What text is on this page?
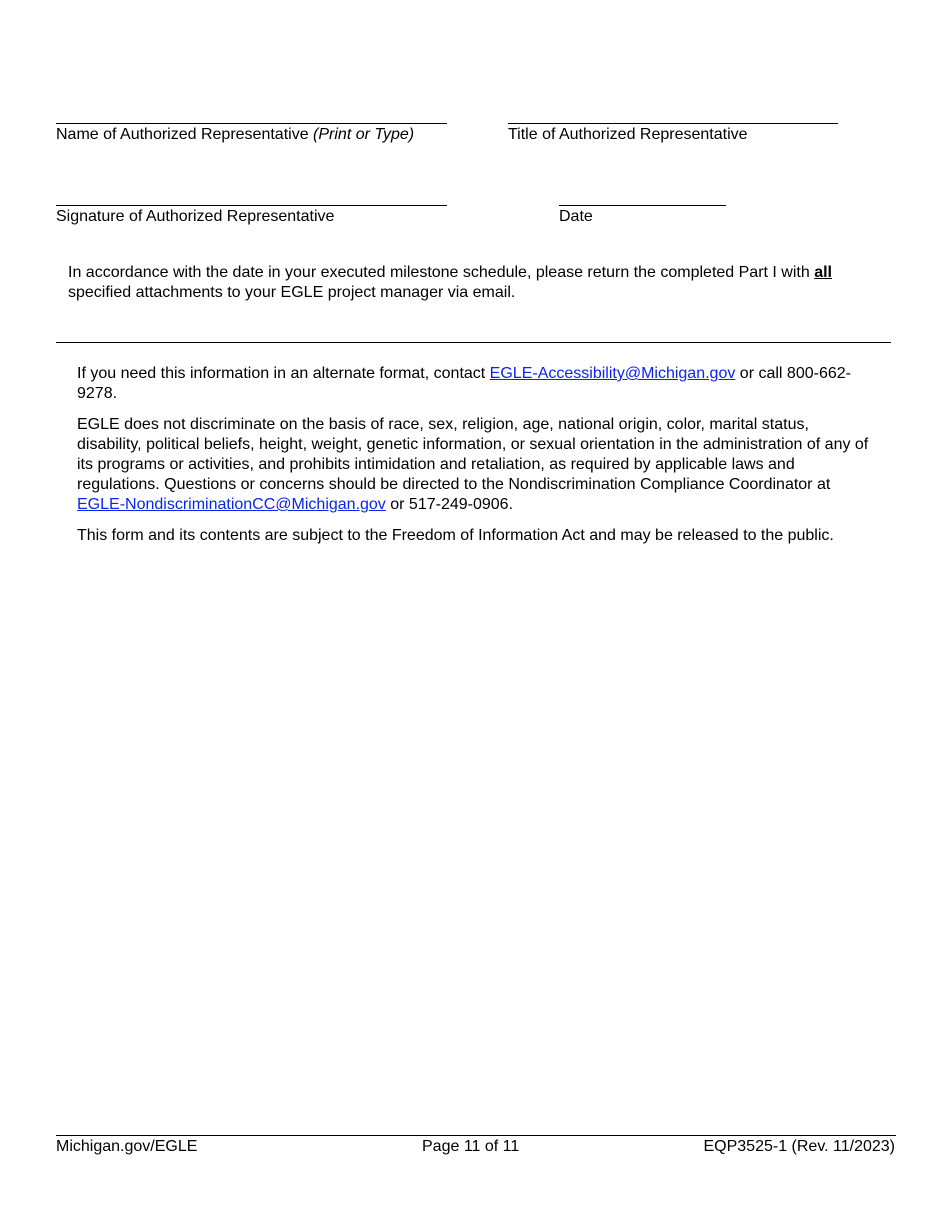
Name of Authorized Representative (Print or Type)	Title of Authorized Representative
Signature of Authorized Representative	Date
In accordance with the date in your executed milestone schedule, please return the completed Part I with all specified attachments to your EGLE project manager via email.
If you need this information in an alternate format, contact EGLE-Accessibility@Michigan.gov or call 800-662-9278.
EGLE does not discriminate on the basis of race, sex, religion, age, national origin, color, marital status, disability, political beliefs, height, weight, genetic information, or sexual orientation in the administration of any of its programs or activities, and prohibits intimidation and retaliation, as required by applicable laws and regulations. Questions or concerns should be directed to the Nondiscrimination Compliance Coordinator at EGLE-NondiscriminationCC@Michigan.gov or 517-249-0906.
This form and its contents are subject to the Freedom of Information Act and may be released to the public.
Michigan.gov/EGLE	Page 11 of 11	EQP3525-1 (Rev. 11/2023)
